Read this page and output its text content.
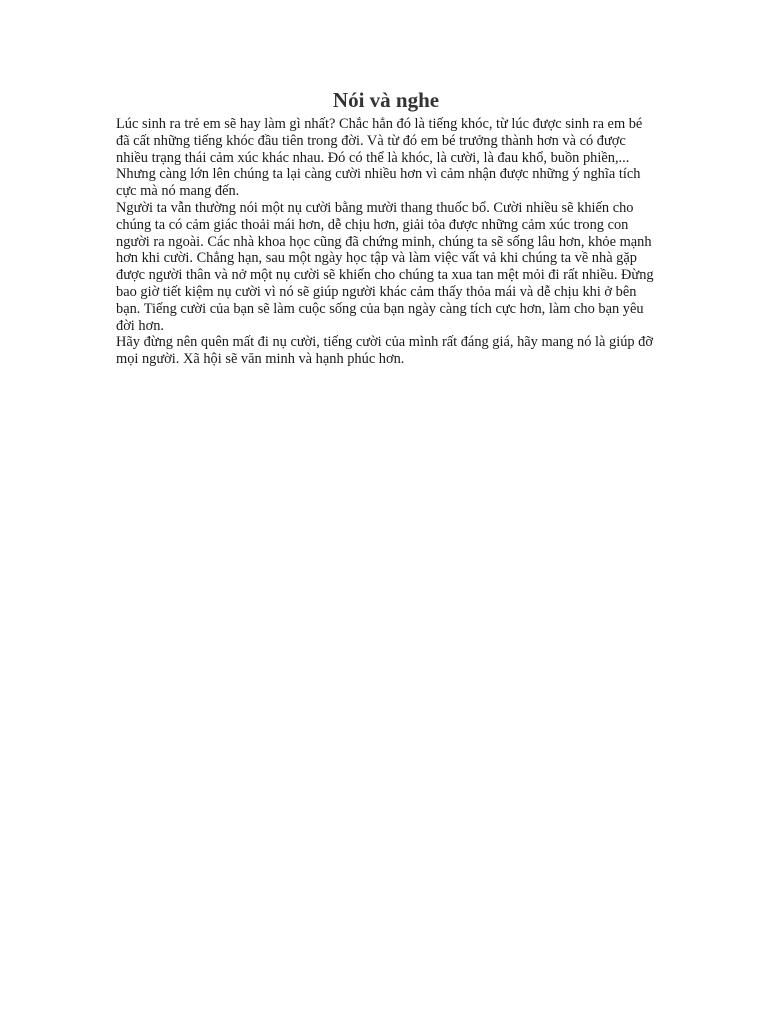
Nói và nghe

Lúc sinh ra trẻ em sẽ hay làm gì nhất? Chắc hẳn đó là tiếng khóc, từ lúc được sinh ra em bé đã cất những tiếng khóc đầu tiên trong đời. Và từ đó em bé trưởng thành hơn và có được nhiều trạng thái cảm xúc khác nhau. Đó có thể là khóc, là cười, là đau khổ, buồn phiền,... Nhưng càng lớn lên chúng ta lại càng cười nhiều hơn vì cảm nhận được những ý nghĩa tích cực mà nó mang đến.

Người ta vẫn thường nói một nụ cười bằng mười thang thuốc bổ. Cười nhiều sẽ khiến cho chúng ta có cảm giác thoải mái hơn, dễ chịu hơn, giải tỏa được những cảm xúc trong con người ra ngoài. Các nhà khoa học cũng đã chứng minh, chúng ta sẽ sống lâu hơn, khỏe mạnh hơn khi cười. Chẳng hạn, sau một ngày học tập và làm việc vất vả khi chúng ta về nhà gặp được người thân và nở một nụ cười sẽ khiến cho chúng ta xua tan mệt mỏi đi rất nhiều. Đừng bao giờ tiết kiệm nụ cười vì nó sẽ giúp người khác cảm thấy thỏa mái và dễ chịu khi ở bên bạn. Tiếng cười của bạn sẽ làm cuộc sống của bạn ngày càng tích cực hơn, làm cho bạn yêu đời hơn.

Hãy đừng nên quên mất đi nụ cười, tiếng cười của mình rất đáng giá, hãy mang nó là giúp đỡ mọi người. Xã hội sẽ văn minh và hạnh phúc hơn.
